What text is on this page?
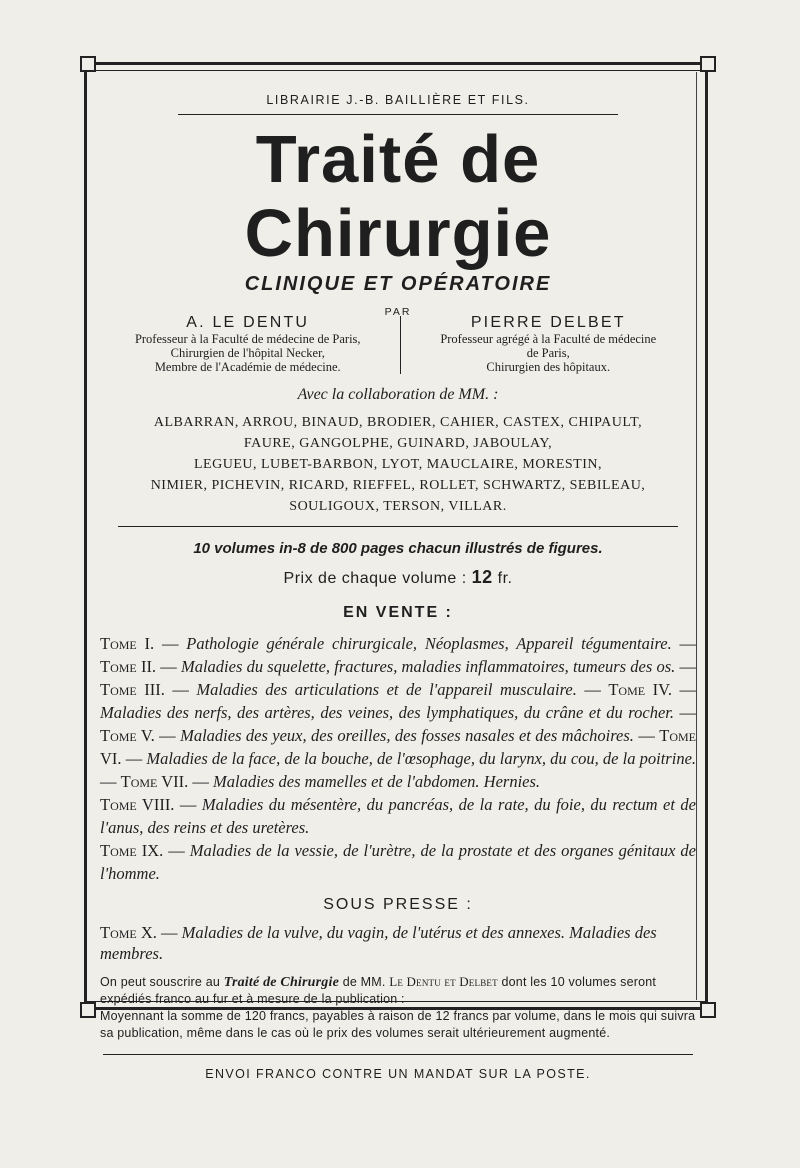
LIBRAIRIE J.-B. BAILLIÈRE ET FILS.
Traité de Chirurgie
CLINIQUE ET OPÉRATOIRE
PAR
A. LE DENTU
Professeur à la Faculté de médecine de Paris,
Chirurgien de l'hôpital Necker,
Membre de l'Académie de médecine.
PIERRE DELBET
Professeur agrégé à la Faculté de médecine
de Paris,
Chirurgien des hôpitaux.
Avec la collaboration de MM. :
ALBARRAN, ARROU, BINAUD, BRODIER, CAHIER, CASTEX, CHIPAULT,
FAURE, GANGOLPHE, GUINARD, JABOULAY,
LEGUEU, LUBET-BARBON, LYOT, MAUCLAIRE, MORESTIN,
NIMIER, PICHEVIN, RICARD, RIEFFEL, ROLLET, SCHWARTZ, SEBILEAU,
SOULIGOUX, TERSON, VILLAR.
10 volumes in-8 de 800 pages chacun illustrés de figures.
Prix de chaque volume : 12 fr.
EN VENTE :
Tome I. — Pathologie générale chirurgicale, Néoplasmes, Appareil tégumentaire. — Tome II. — Maladies du squelette, fractures, maladies inflammatoires, tumeurs des os. — Tome III. — Maladies des articulations et de l'appareil musculaire. — Tome IV. — Maladies des nerfs, des artères, des veines, des lymphatiques, du crâne et du rocher. — Tome V. — Maladies des yeux, des oreilles, des fosses nasales et des mâchoires. — Tome VI. — Maladies de la face, de la bouche, de l'œsophage, du larynx, du cou, de la poitrine. — Tome VII. — Maladies des mamelles et de l'abdomen. Hernies.
Tome VIII. — Maladies du mésentère, du pancréas, de la rate, du foie, du rectum et de l'anus, des reins et des uretères.
Tome IX. — Maladies de la vessie, de l'urètre, de la prostate et des organes génitaux de l'homme.
SOUS PRESSE :
Tome X. — Maladies de la vulve, du vagin, de l'utérus et des annexes. Maladies des membres.
On peut souscrire au Traité de Chirurgie de MM. Le Dentu et Delbet dont les 10 volumes seront expédiés franco au fur et à mesure de la publication :
Moyennant la somme de 120 francs, payables à raison de 12 francs par volume, dans le mois qui suivra sa publication, même dans le cas où le prix des volumes serait ultérieurement augmenté.
ENVOI FRANCO CONTRE UN MANDAT SUR LA POSTE.
